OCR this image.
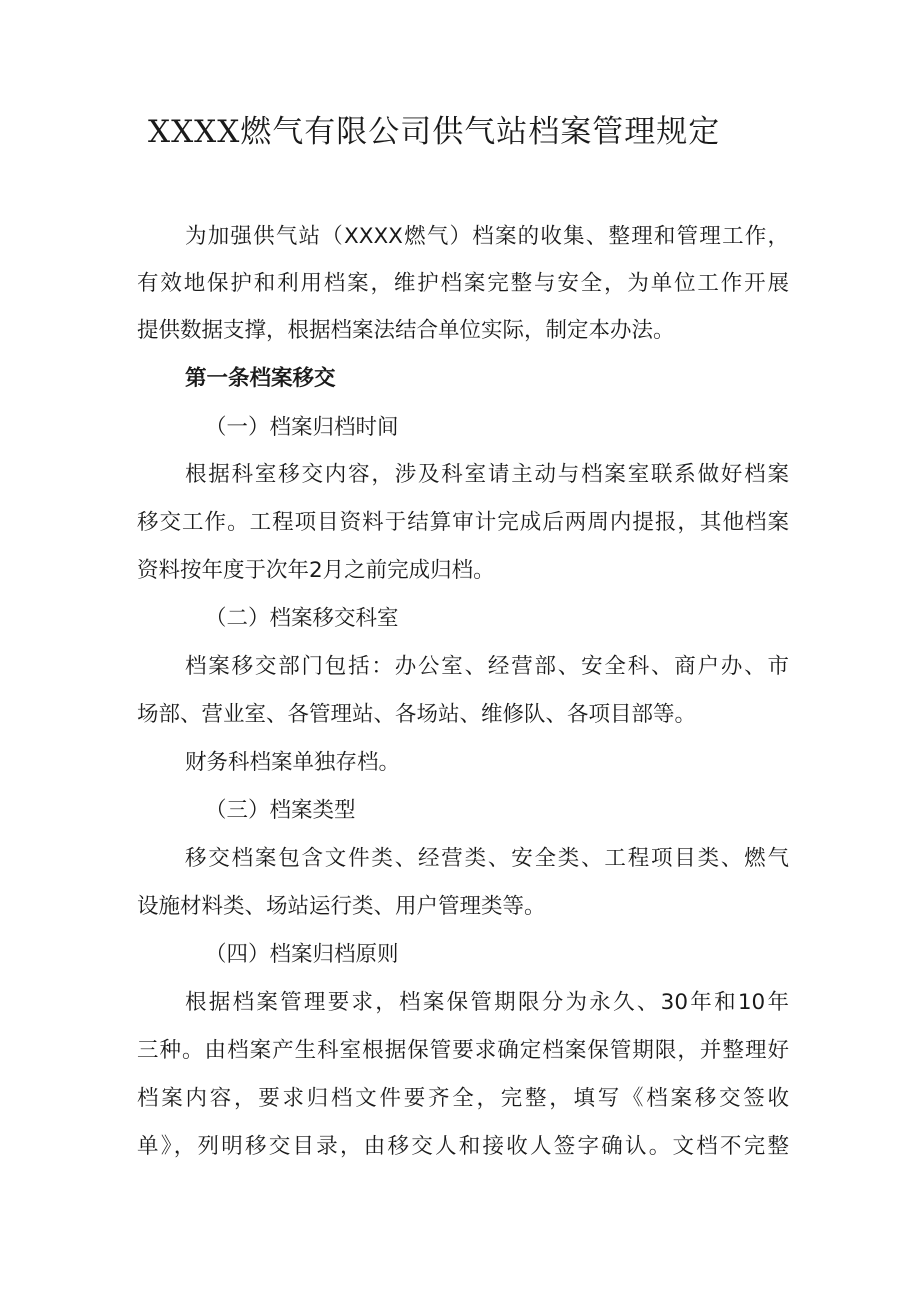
XXXX燃气有限公司供气站档案管理规定
为加强供气站（XXXX燃气）档案的收集、整理和管理工作，
有效地保护和利用档案，维护档案完整与安全，为单位工作开展
提供数据支撑，根据档案法结合单位实际，制定本办法。
第一条档案移交
（一）档案归档时间
根据科室移交内容，涉及科室请主动与档案室联系做好档案
移交工作。工程项目资料于结算审计完成后两周内提报，其他档案
资料按年度于次年2月之前完成归档。
（二）档案移交科室
档案移交部门包括：办公室、经营部、安全科、商户办、市
场部、营业室、各管理站、各场站、维修队、各项目部等。
财务科档案单独存档。
（三）档案类型
移交档案包含文件类、经营类、安全类、工程项目类、燃气
设施材料类、场站运行类、用户管理类等。
（四）档案归档原则
根据档案管理要求，档案保管期限分为永久、30年和10年
三种。由档案产生科室根据保管要求确定档案保管期限，并整理好
档案内容，要求归档文件要齐全，完整，填写《档案移交签收
单》，列明移交目录，由移交人和接收人签字确认。文档不完整
